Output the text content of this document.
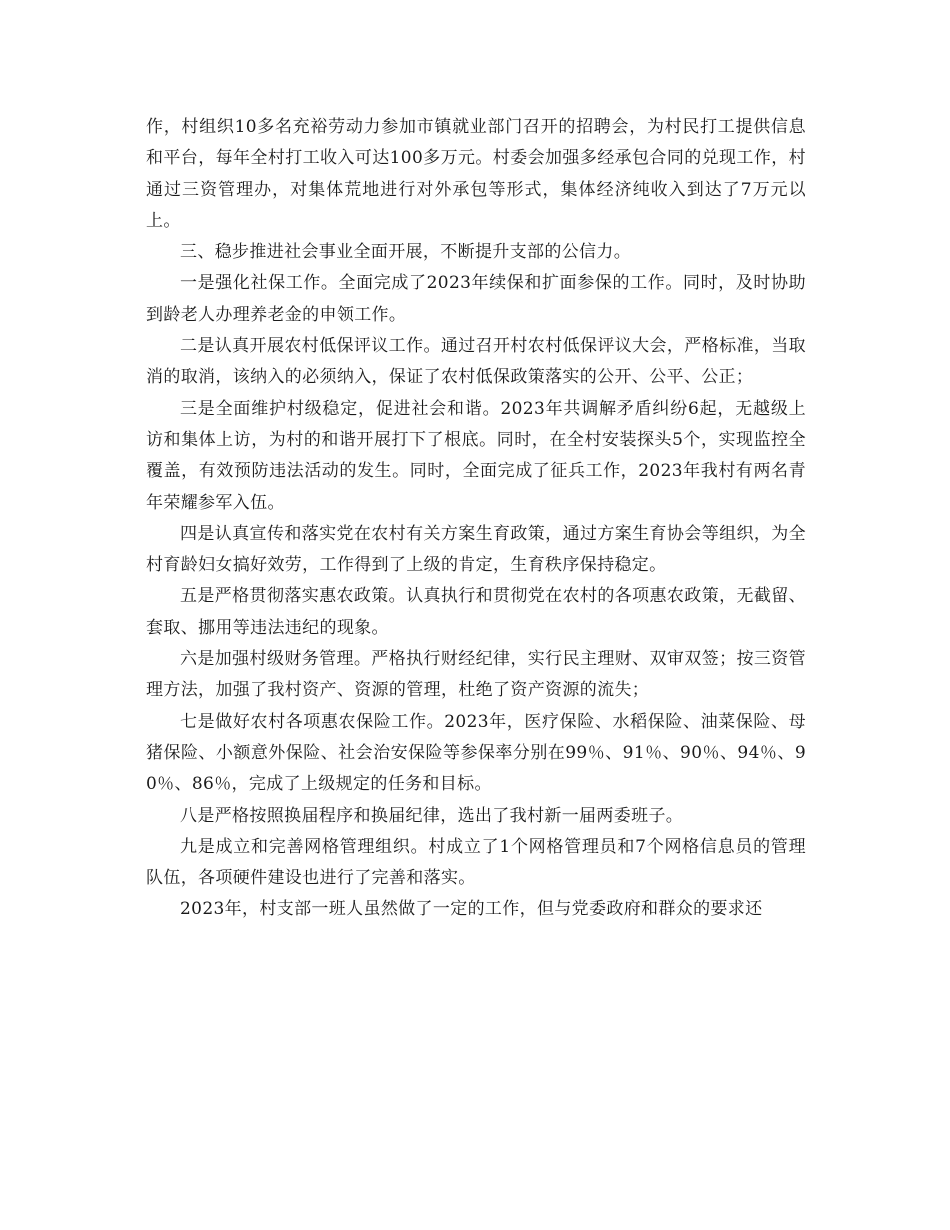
作，村组织10多名充裕劳动力参加市镇就业部门召开的招聘会，为村民打工提供信息和平台，每年全村打工收入可达100多万元。村委会加强多经承包合同的兑现工作，村通过三资管理办，对集体荒地进行对外承包等形式，集体经济纯收入到达了7万元以上。

三、稳步推进社会事业全面开展，不断提升支部的公信力。

一是强化社保工作。全面完成了2023年续保和扩面参保的工作。同时，及时协助到龄老人办理养老金的申领工作。

二是认真开展农村低保评议工作。通过召开村农村低保评议大会，严格标准，当取消的取消，该纳入的必须纳入，保证了农村低保政策落实的公开、公平、公正；

三是全面维护村级稳定，促进社会和谐。2023年共调解矛盾纠纷6起，无越级上访和集体上访，为村的和谐开展打下了根底。同时，在全村安装探头5个，实现监控全覆盖，有效预防违法活动的发生。同时，全面完成了征兵工作，2023年我村有两名青年荣耀参军入伍。

四是认真宣传和落实党在农村有关方案生育政策，通过方案生育协会等组织，为全村育龄妇女搞好效劳，工作得到了上级的肯定，生育秩序保持稳定。

五是严格贯彻落实惠农政策。认真执行和贯彻党在农村的各项惠农政策，无截留、套取、挪用等违法违纪的现象。

六是加强村级财务管理。严格执行财经纪律，实行民主理财、双审双签；按三资管理方法，加强了我村资产、资源的管理，杜绝了资产资源的流失；

七是做好农村各项惠农保险工作。2023年，医疗保险、水稻保险、油菜保险、母猪保险、小额意外保险、社会治安保险等参保率分别在99％、91％、90％、94％、90％、86％，完成了上级规定的任务和目标。

八是严格按照换届程序和换届纪律，选出了我村新一届两委班子。

九是成立和完善网格管理组织。村成立了1个网格管理员和7个网格信息员的管理队伍，各项硬件建设也进行了完善和落实。

2023年，村支部一班人虽然做了一定的工作，但与党委政府和群众的要求还
